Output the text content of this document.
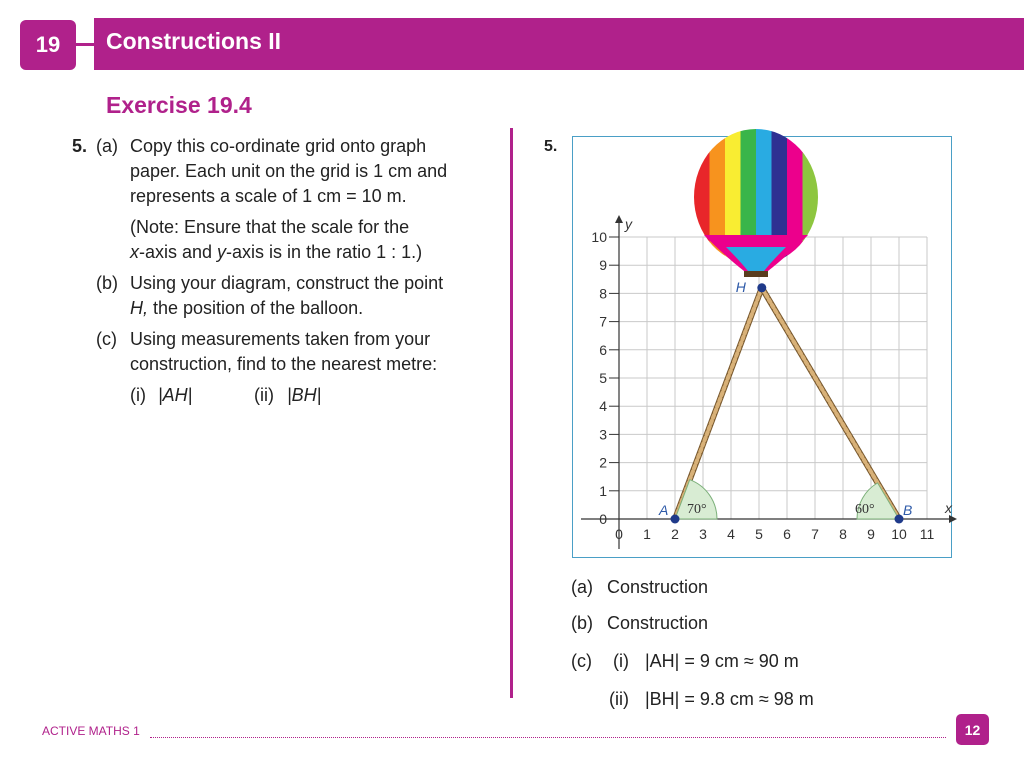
19 Constructions II
Exercise 19.4
5. (a) Copy this co-ordinate grid onto graph
paper. Each unit on the grid is 1 cm and
represents a scale of 1 cm = 10 m.
(Note: Ensure that the scale for the
x-axis and y-axis is in the ratio 1 : 1.)
(b) Using your diagram, construct the point
H, the position of the balloon.
(c) Using measurements taken from your
construction, find to the nearest metre:
(i) |AH|	(ii) |BH|
5.
x
y
0 1 2 3 4 5 6 7 8 9 10 11
0
1
2
3
4
5
6
7
8
9
10
70°	60°
A	B
H
(a) Construction
(b) Construction
(c) (i) |AH| = 9 cm ≈ 90 m
(ii) |BH| = 9.8 cm ≈ 98 m
ACTIVE MATHS 1	12
